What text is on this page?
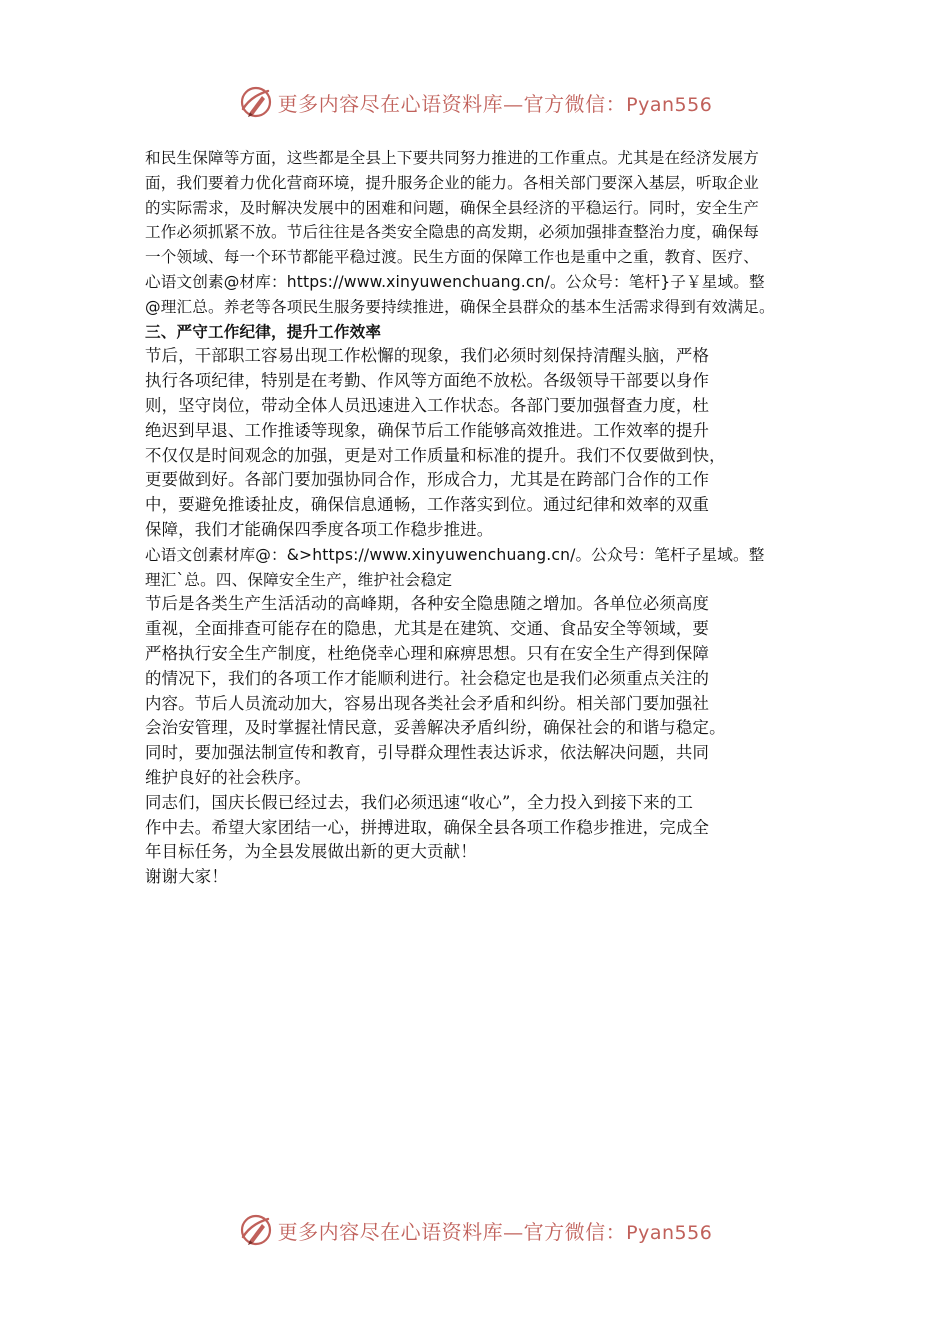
更多内容尽在心语资料库—官方微信：Pyan556
和民生保障等方面，这些都是全县上下要共同努力推进的工作重点。尤其是在经济发展方
面，我们要着力优化营商环境，提升服务企业的能力。各相关部门要深入基层，听取企业
的实际需求，及时解决发展中的困难和问题，确保全县经济的平稳运行。同时，安全生产
工作必须抓紧不放。节后往往是各类安全隐患的高发期，必须加强排查整治力度，确保每
一个领域、每一个环节都能平稳过渡。民生方面的保障工作也是重中之重，教育、医疗、
心语文创素@材库：https://www.xinyuwenchuang.cn/。公众号：笔杆}子￥星域。整
@理汇总。养老等各项民生服务要持续推进，确保全县群众的基本生活需求得到有效满足。
三、严守工作纪律，提升工作效率
节后，干部职工容易出现工作松懈的现象，我们必须时刻保持清醒头脑，严格
执行各项纪律，特别是在考勤、作风等方面绝不放松。各级领导干部要以身作
则，坚守岗位，带动全体人员迅速进入工作状态。各部门要加强督查力度，杜
绝迟到早退、工作推诿等现象，确保节后工作能够高效推进。工作效率的提升
不仅仅是时间观念的加强，更是对工作质量和标准的提升。我们不仅要做到快，
更要做到好。各部门要加强协同合作，形成合力，尤其是在跨部门合作的工作
中，要避免推诿扯皮，确保信息通畅，工作落实到位。通过纪律和效率的双重
保障，我们才能确保四季度各项工作稳步推进。
心语文创素材库@：&>https://www.xinyuwenchuang.cn/。公众号：笔杆子星域。整
理汇`总。四、保障安全生产，维护社会稳定
节后是各类生产生活活动的高峰期，各种安全隐患随之增加。各单位必须高度
重视，全面排查可能存在的隐患，尤其是在建筑、交通、食品安全等领域，要
严格执行安全生产制度，杜绝侥幸心理和麻痹思想。只有在安全生产得到保障
的情况下，我们的各项工作才能顺利进行。社会稳定也是我们必须重点关注的
内容。节后人员流动加大，容易出现各类社会矛盾和纠纷。相关部门要加强社
会治安管理，及时掌握社情民意，妥善解决矛盾纠纷，确保社会的和谐与稳定。
同时，要加强法制宣传和教育，引导群众理性表达诉求，依法解决问题，共同
维护良好的社会秩序。
同志们，国庆长假已经过去，我们必须迅速“收心”，全力投入到接下来的工
作中去。希望大家团结一心，拼搏进取，确保全县各项工作稳步推进，完成全
年目标任务，为全县发展做出新的更大贡献！
谢谢大家！
更多内容尽在心语资料库—官方微信：Pyan556
